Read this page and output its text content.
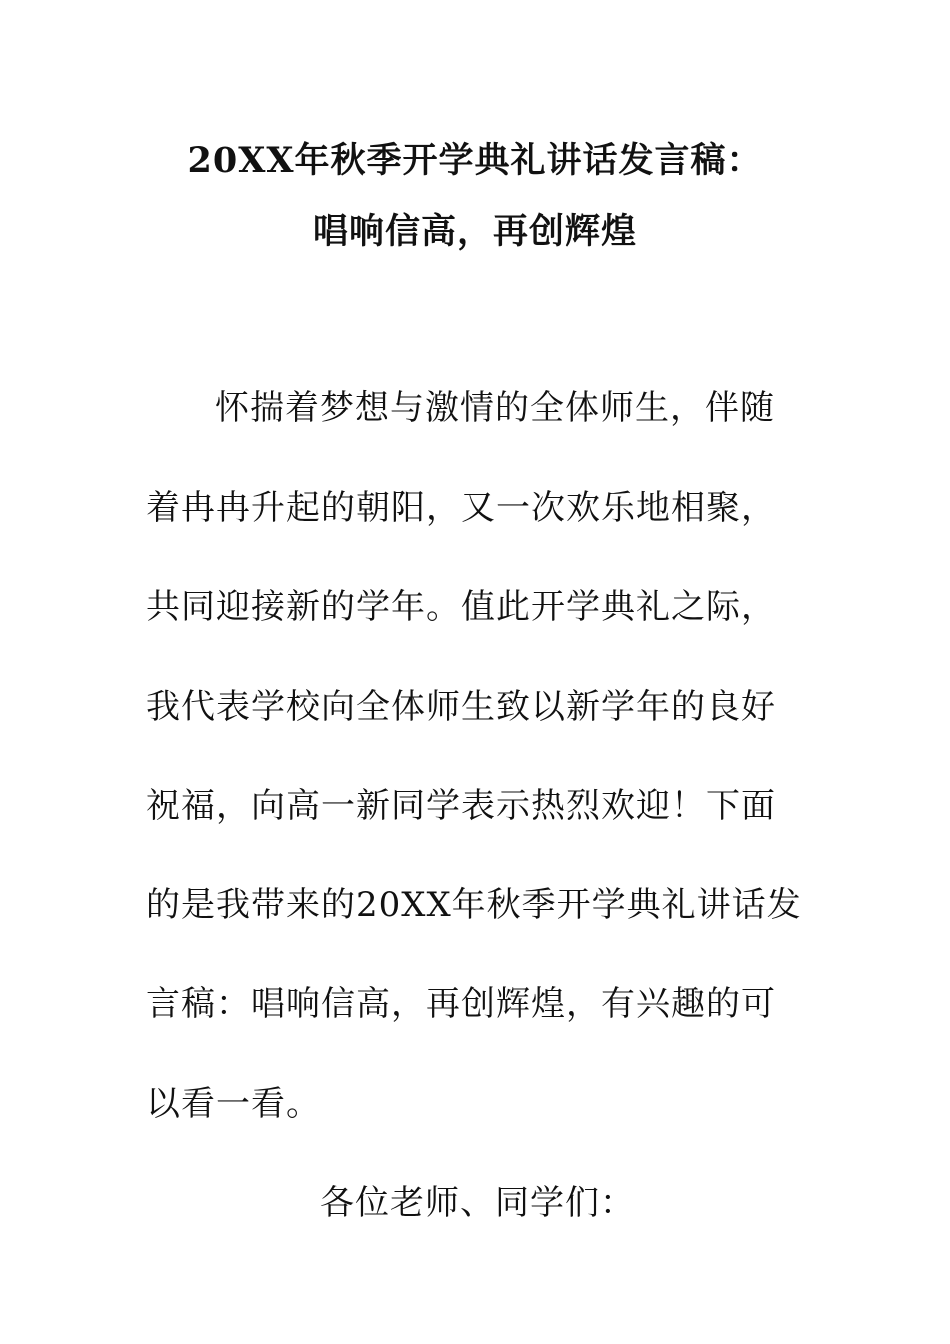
20XX年秋季开学典礼讲话发言稿：
唱响信高，再创辉煌
怀揣着梦想与激情的全体师生，伴随
着冉冉升起的朝阳，又一次欢乐地相聚，
共同迎接新的学年。值此开学典礼之际，
我代表学校向全体师生致以新学年的良好
祝福，向高一新同学表示热烈欢迎！下面
的是我带来的20XX年秋季开学典礼讲话发
言稿：唱响信高，再创辉煌，有兴趣的可
以看一看。
各位老师、同学们：
